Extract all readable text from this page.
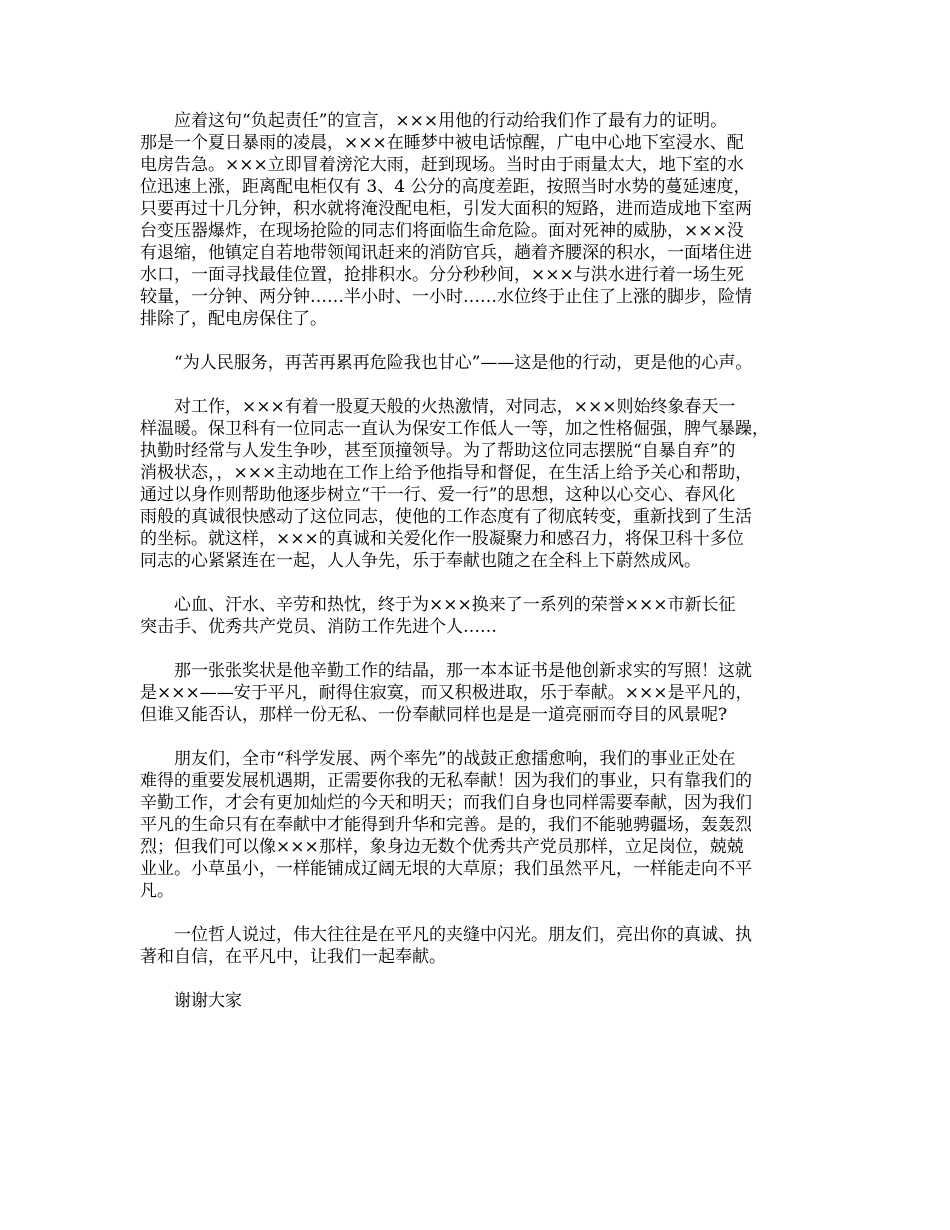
应着这句“负起责任”的宣言，×××用他的行动给我们作了最有力的证明。
那是一个夏日暴雨的凌晨，×××在睡梦中被电话惊醒，广电中心地下室浸水、配
电房告急。×××立即冒着滂沱大雨，赶到现场。当时由于雨量太大，地下室的水
位迅速上涨，距离配电柜仅有 3、4 公分的高度差距，按照当时水势的蔓延速度，
只要再过十几分钟，积水就将淹没配电柜，引发大面积的短路，进而造成地下室两
台变压器爆炸，在现场抢险的同志们将面临生命危险。面对死神的威胁，×××没
有退缩，他镇定自若地带领闻讯赶来的消防官兵，趟着齐腰深的积水，一面堵住进
水口，一面寻找最佳位置，抢排积水。分分秒秒间，×××与洪水进行着一场生死
较量，一分钟、两分钟……半小时、一小时……水位终于止住了上涨的脚步，险情
排除了，配电房保住了。
“为人民服务，再苦再累再危险我也甘心”——这是他的行动，更是他的心声。
对工作，×××有着一股夏天般的火热激情，对同志，×××则始终象春天一
样温暖。保卫科有一位同志一直认为保安工作低人一等，加之性格倔强，脾气暴躁，
执勤时经常与人发生争吵，甚至顶撞领导。为了帮助这位同志摆脱“自暴自弃”的
消极状态，，×××主动地在工作上给予他指导和督促，在生活上给予关心和帮助，
通过以身作则帮助他逐步树立“干一行、爱一行”的思想，这种以心交心、春风化
雨般的真诚很快感动了这位同志，使他的工作态度有了彻底转变，重新找到了生活
的坐标。就这样，×××的真诚和关爱化作一股凝聚力和感召力，将保卫科十多位
同志的心紧紧连在一起，人人争先，乐于奉献也随之在全科上下蔚然成风。
心血、汗水、辛劳和热忱，终于为×××换来了一系列的荣誉×××市新长征
突击手、优秀共产党员、消防工作先进个人……
那一张张奖状是他辛勤工作的结晶，那一本本证书是他创新求实的写照！这就
是×××——安于平凡，耐得住寂寞，而又积极进取，乐于奉献。×××是平凡的，
但谁又能否认，那样一份无私、一份奉献同样也是是一道亮丽而夺目的风景呢?
朋友们，全市“科学发展、两个率先”的战鼓正愈擂愈响，我们的事业正处在
难得的重要发展机遇期，正需要你我的无私奉献！因为我们的事业，只有靠我们的
辛勤工作，才会有更加灿烂的今天和明天；而我们自身也同样需要奉献，因为我们
平凡的生命只有在奉献中才能得到升华和完善。是的，我们不能驰骋疆场，轰轰烈
烈；但我们可以像×××那样，象身边无数个优秀共产党员那样，立足岗位，兢兢
业业。小草虽小，一样能铺成辽阔无垠的大草原；我们虽然平凡，一样能走向不平
凡。
一位哲人说过，伟大往往是在平凡的夹缝中闪光。朋友们，亮出你的真诚、执
著和自信，在平凡中，让我们一起奉献。
谢谢大家
